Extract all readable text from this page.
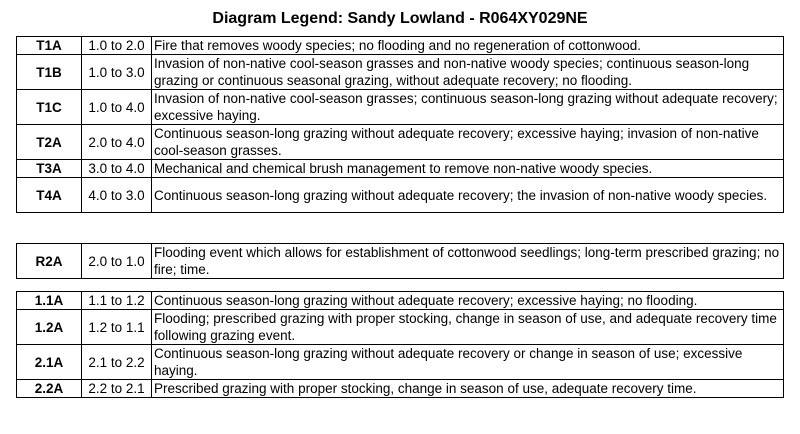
Diagram Legend: Sandy Lowland - R064XY029NE
T1A	1.0 to 2.0	Fire that removes woody species; no flooding and no regeneration of cottonwood.
T1B	1.0 to 3.0	Invasion of non-native cool-season grasses and non-native woody species; continuous season-long grazing or continuous seasonal grazing, without adequate recovery; no flooding.
T1C	1.0 to 4.0	Invasion of non-native cool-season grasses; continuous season-long grazing without adequate recovery; excessive haying.
T2A	2.0 to 4.0	Continuous season-long grazing without adequate recovery; excessive haying; invasion of non-native cool-season grasses.
T3A	3.0 to 4.0	Mechanical and chemical brush management to remove non-native woody species.
T4A	4.0 to 3.0	Continuous season-long grazing without adequate recovery; the invasion of non-native woody species.
R2A	2.0 to 1.0	Flooding event which allows for establishment of cottonwood seedlings; long-term prescribed grazing; no fire; time.
1.1A	1.1 to 1.2	Continuous season-long grazing without adequate recovery; excessive haying; no flooding.
1.2A	1.2 to 1.1	Flooding; prescribed grazing with proper stocking, change in season of use, and adequate recovery time following grazing event.
2.1A	2.1 to 2.2	Continuous season-long grazing without adequate recovery or change in season of use; excessive haying.
2.2A	2.2 to 2.1	Prescribed grazing with proper stocking, change in season of use, adequate recovery time.
